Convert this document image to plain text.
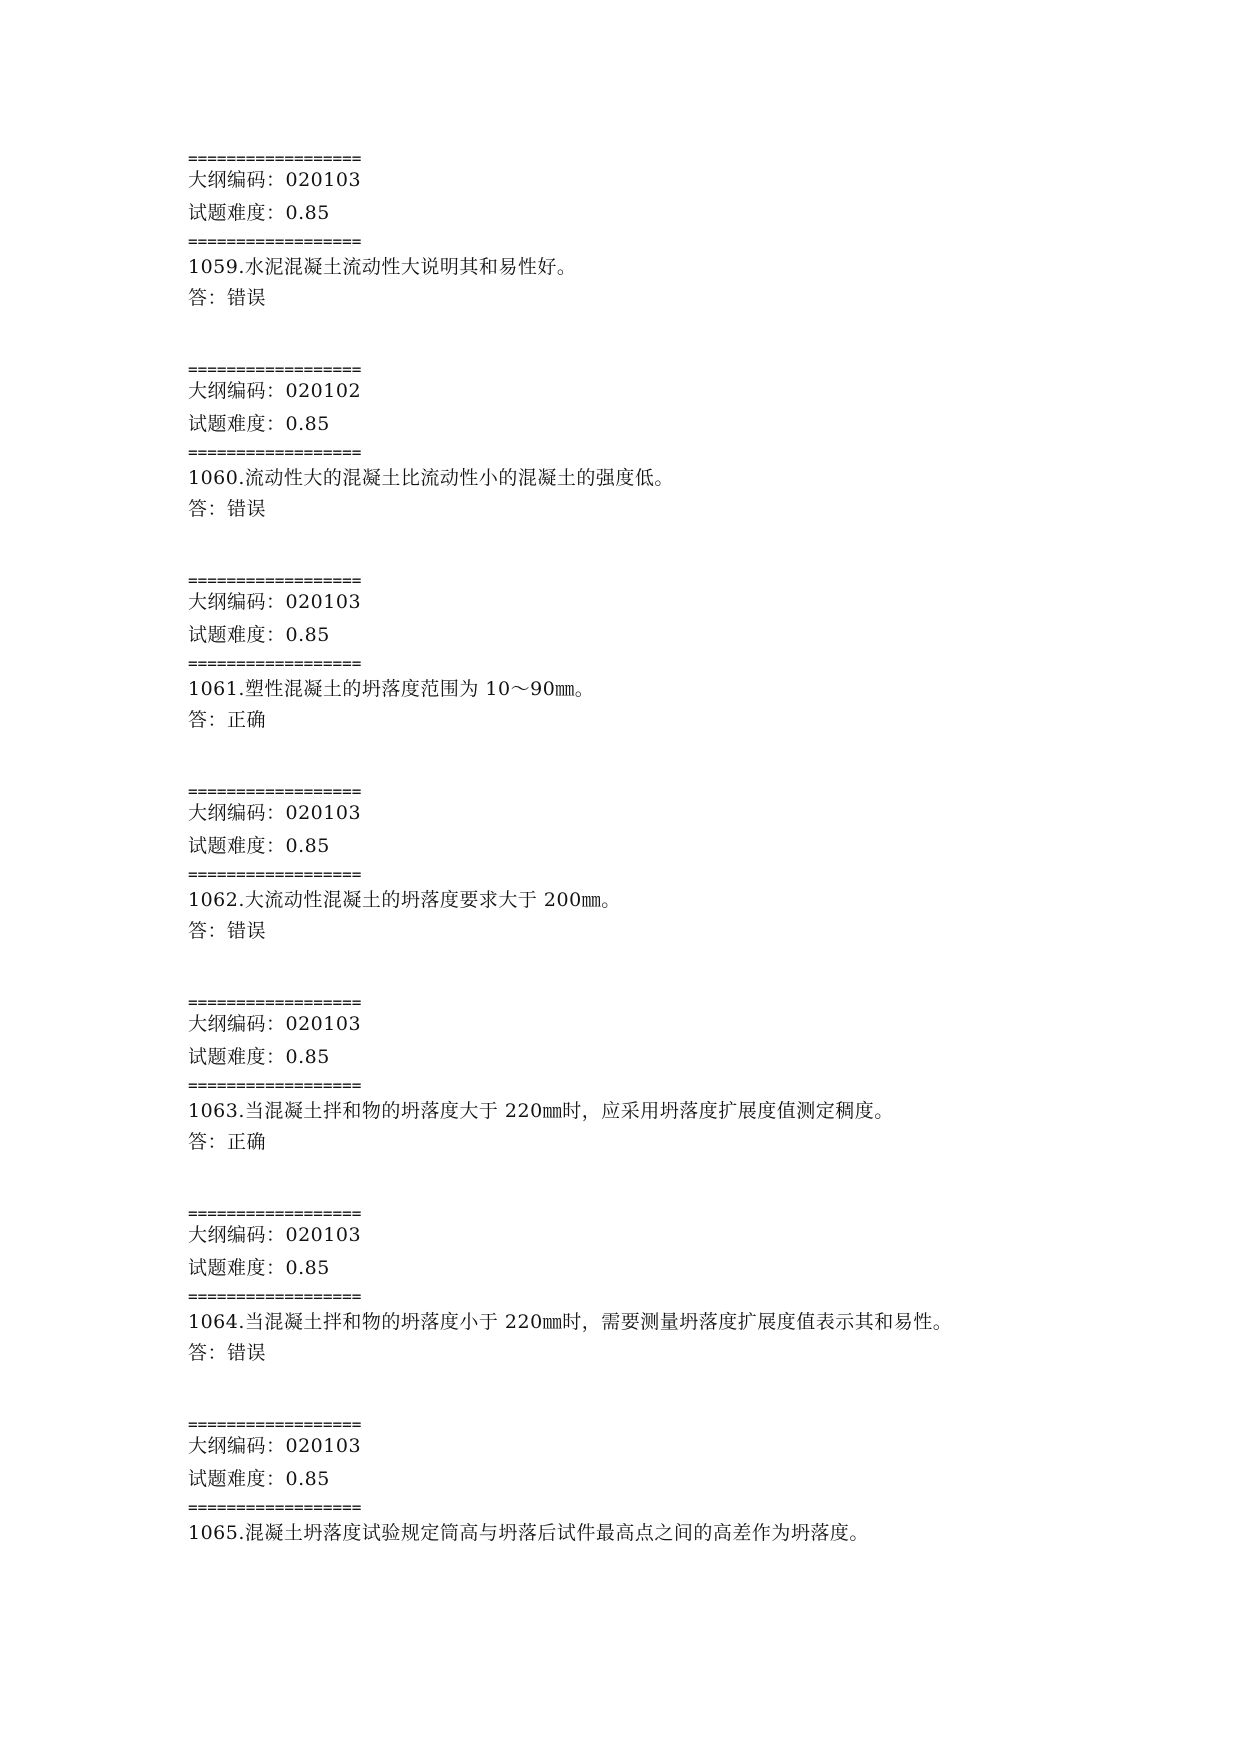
==================
大纲编码：020103
试题难度：0.85
==================
1059.水泥混凝土流动性大说明其和易性好。
答：错误
==================
大纲编码：020102
试题难度：0.85
==================
1060.流动性大的混凝土比流动性小的混凝土的强度低。
答：错误
==================
大纲编码：020103
试题难度：0.85
==================
1061.塑性混凝土的坍落度范围为 10～90㎜。
答：正确
==================
大纲编码：020103
试题难度：0.85
==================
1062.大流动性混凝土的坍落度要求大于 200㎜。
答：错误
==================
大纲编码：020103
试题难度：0.85
==================
1063.当混凝土拌和物的坍落度大于 220㎜时，应采用坍落度扩展度值测定稠度。
答：正确
==================
大纲编码：020103
试题难度：0.85
==================
1064.当混凝土拌和物的坍落度小于 220㎜时，需要测量坍落度扩展度值表示其和易性。
答：错误
==================
大纲编码：020103
试题难度：0.85
==================
1065.混凝土坍落度试验规定筒高与坍落后试件最高点之间的高差作为坍落度。
